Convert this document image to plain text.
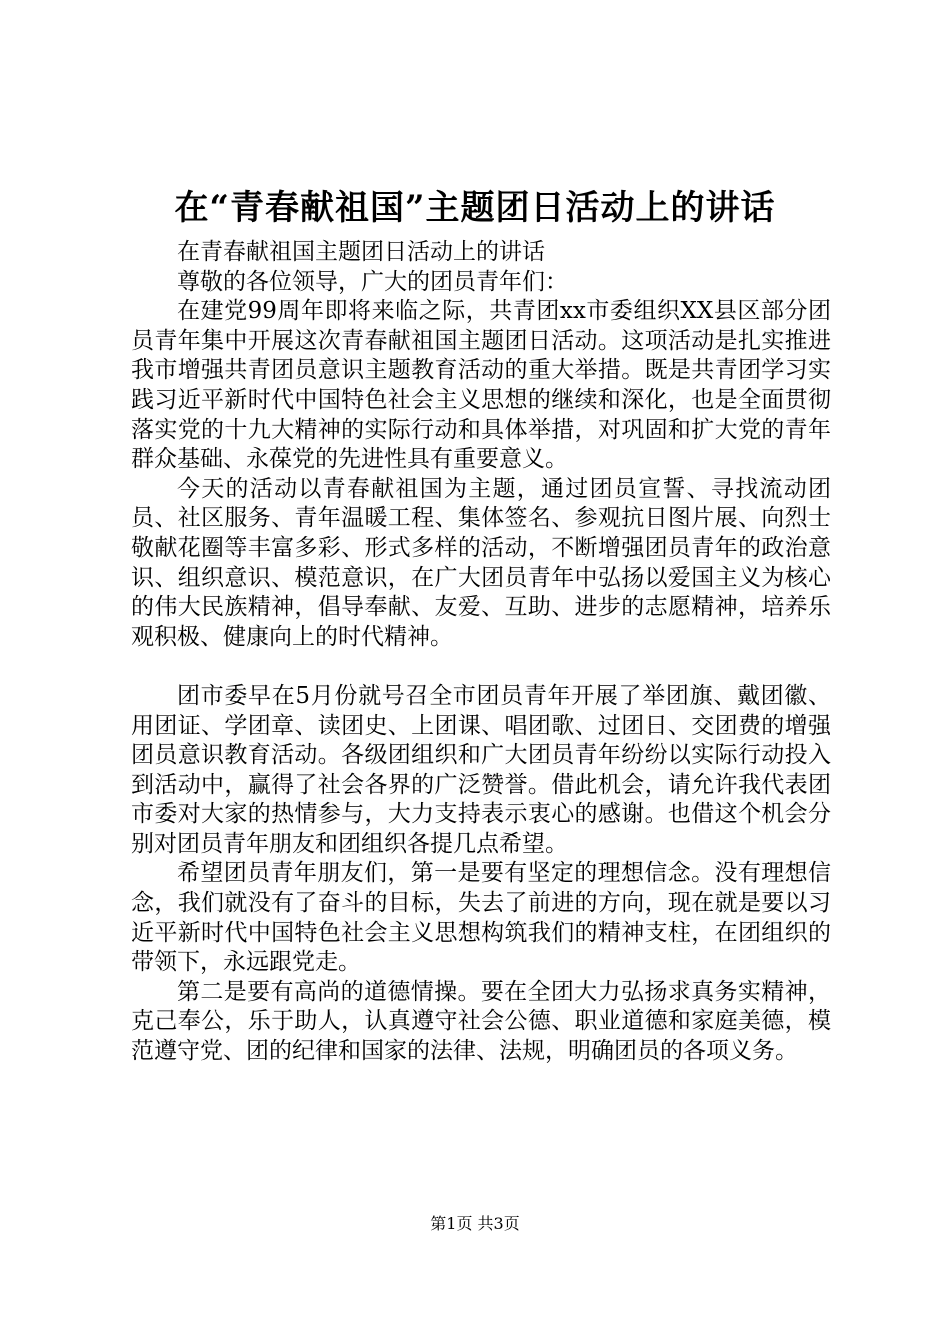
在“青春献祖国”主题团日活动上的讲话

在青春献祖国主题团日活动上的讲话

尊敬的各位领导，广大的团员青年们：

在建党99周年即将来临之际，共青团xx市委组织XX县区部分团员青年集中开展这次青春献祖国主题团日活动。这项活动是扎实推进我市增强共青团员意识主题教育活动的重大举措。既是共青团学习实践习近平新时代中国特色社会主义思想的继续和深化，也是全面贯彻落实党的十九大精神的实际行动和具体举措，对巩固和扩大党的青年群众基础、永葆党的先进性具有重要意义。

今天的活动以青春献祖国为主题，通过团员宣誓、寻找流动团员、社区服务、青年温暖工程、集体签名、参观抗日图片展、向烈士敬献花圈等丰富多彩、形式多样的活动，不断增强团员青年的政治意识、组织意识、模范意识，在广大团员青年中弘扬以爱国主义为核心的伟大民族精神，倡导奉献、友爱、互助、进步的志愿精神，培养乐观积极、健康向上的时代精神。

团市委早在5月份就号召全市团员青年开展了举团旗、戴团徽、用团证、学团章、读团史、上团课、唱团歌、过团日、交团费的增强团员意识教育活动。各级团组织和广大团员青年纷纷以实际行动投入到活动中，赢得了社会各界的广泛赞誉。借此机会，请允许我代表团市委对大家的热情参与，大力支持表示衷心的感谢。也借这个机会分别对团员青年朋友和团组织各提几点希望。

希望团员青年朋友们，第一是要有坚定的理想信念。没有理想信念，我们就没有了奋斗的目标，失去了前进的方向，现在就是要以习近平新时代中国特色社会主义思想构筑我们的精神支柱，在团组织的带领下，永远跟党走。

第二是要有高尚的道德情操。要在全团大力弘扬求真务实精神，克己奉公，乐于助人，认真遵守社会公德、职业道德和家庭美德，模范遵守党、团的纪律和国家的法律、法规，明确团员的各项义务。

第1页 共3页
